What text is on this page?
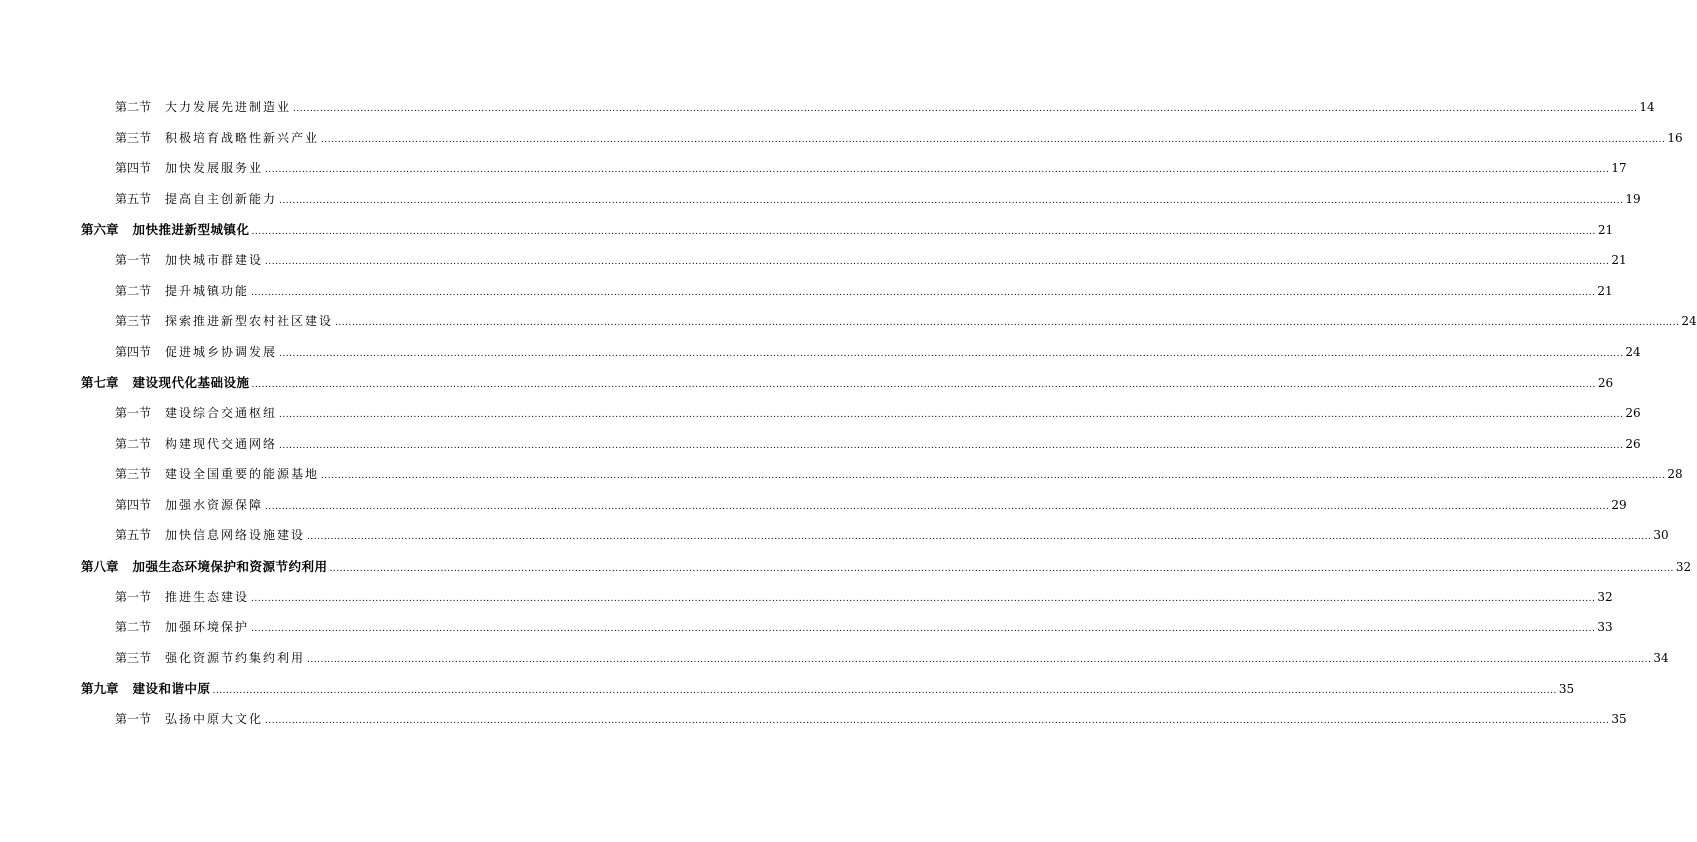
第二节 大力发展先进制造业 ................................................................................................................................................................................................................................................................................................................................................................................................................ 14
第三节 积极培育战略性新兴产业 ................................................................................................................................................................................................................................................................................................................................................................................................................ 16
第四节 加快发展服务业 ................................................................................................................................................................................................................................................................................................................................................................................................................ 17
第五节 提高自主创新能力 ................................................................................................................................................................................................................................................................................................................................................................................................................ 19
第六章 加快推进新型城镇化 ................................................................................................................................................................................................................................................................................................................................................................................................................ 21
第一节 加快城市群建设 ................................................................................................................................................................................................................................................................................................................................................................................................................ 21
第二节 提升城镇功能 ................................................................................................................................................................................................................................................................................................................................................................................................................ 21
第三节 探索推进新型农村社区建设 ................................................................................................................................................................................................................................................................................................................................................................................................................ 24
第四节 促进城乡协调发展 ................................................................................................................................................................................................................................................................................................................................................................................................................ 24
第七章 建设现代化基础设施 ................................................................................................................................................................................................................................................................................................................................................................................................................ 26
第一节 建设综合交通枢纽 ................................................................................................................................................................................................................................................................................................................................................................................................................ 26
第二节 构建现代交通网络 ................................................................................................................................................................................................................................................................................................................................................................................................................ 26
第三节 建设全国重要的能源基地 ................................................................................................................................................................................................................................................................................................................................................................................................................ 28
第四节 加强水资源保障 ................................................................................................................................................................................................................................................................................................................................................................................................................ 29
第五节 加快信息网络设施建设 ................................................................................................................................................................................................................................................................................................................................................................................................................ 30
第八章 加强生态环境保护和资源节约利用 ................................................................................................................................................................................................................................................................................................................................................................................................................ 32
第一节 推进生态建设 ................................................................................................................................................................................................................................................................................................................................................................................................................ 32
第二节 加强环境保护 ................................................................................................................................................................................................................................................................................................................................................................................................................ 33
第三节 强化资源节约集约利用 ................................................................................................................................................................................................................................................................................................................................................................................................................ 34
第九章 建设和谐中原 ................................................................................................................................................................................................................................................................................................................................................................................................................ 35
第一节 弘扬中原大文化 ................................................................................................................................................................................................................................................................................................................................................................................................................ 35
